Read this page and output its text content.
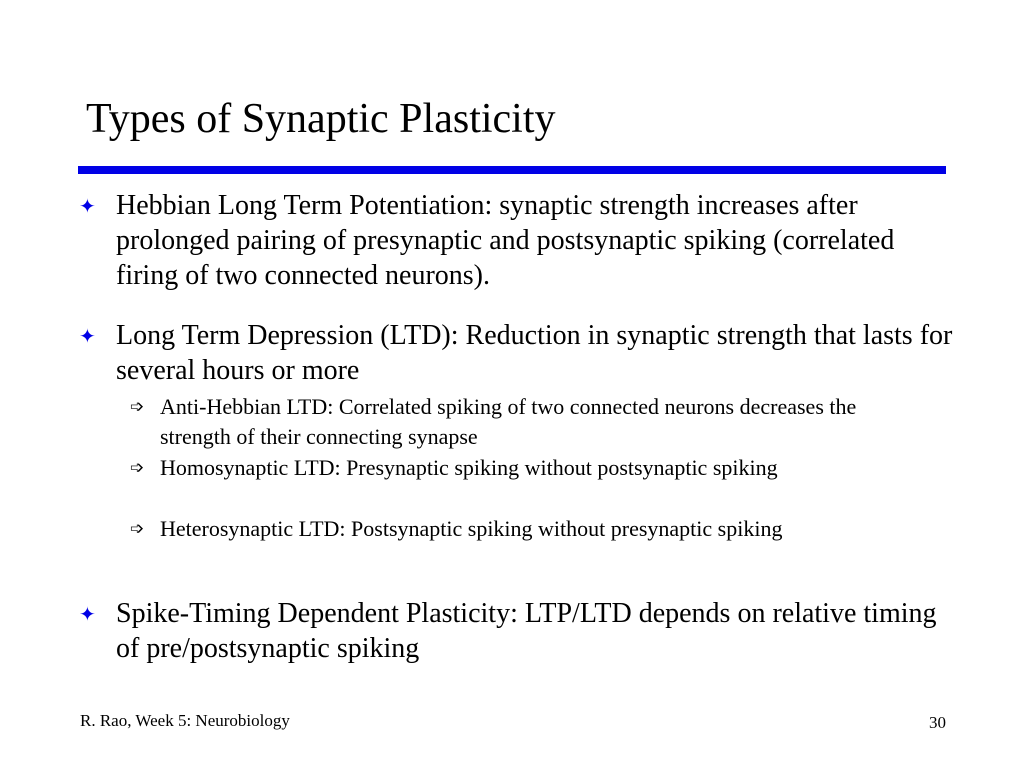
Types of Synaptic Plasticity
✦ Hebbian Long Term Potentiation: synaptic strength increases after prolonged pairing of presynaptic and postsynaptic spiking (correlated firing of two connected neurons).
✦ Long Term Depression (LTD): Reduction in synaptic strength that lasts for several hours or more
➩ Anti-Hebbian LTD: Correlated spiking of two connected neurons decreases the strength of their connecting synapse
➩ Homosynaptic LTD: Presynaptic spiking without postsynaptic spiking
➩ Heterosynaptic LTD: Postsynaptic spiking without presynaptic spiking
✦ Spike-Timing Dependent Plasticity: LTP/LTD depends on relative timing of pre/postsynaptic spiking
R. Rao, Week 5: Neurobiology	30
